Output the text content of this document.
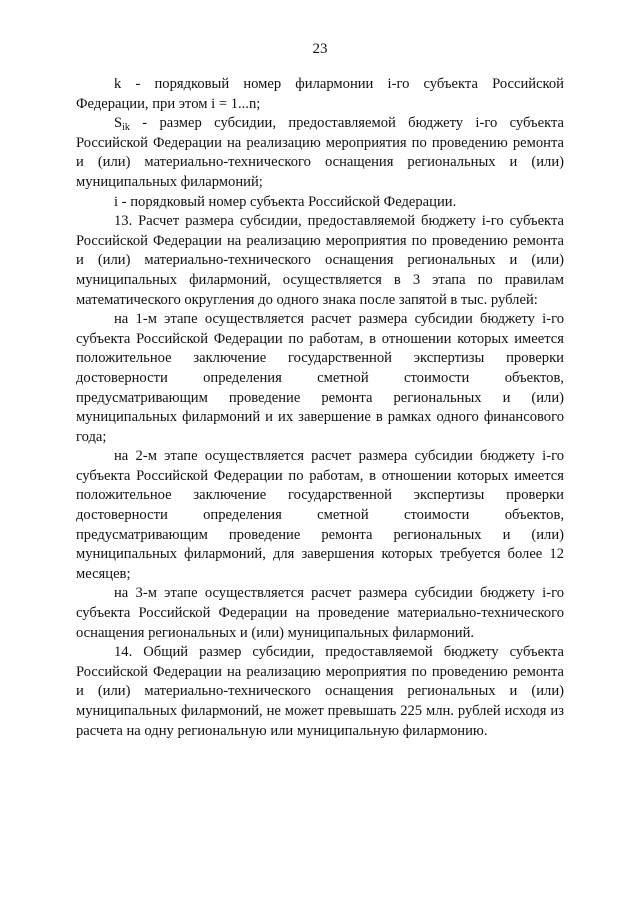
23

k - порядковый номер филармонии i-го субъекта Российской Федерации, при этом i = 1...n;

$S_{ik}$ - размер субсидии, предоставляемой бюджету i-го субъекта Российской Федерации на реализацию мероприятия по проведению ремонта и (или) материально-технического оснащения региональных и (или) муниципальных филармоний;

i - порядковый номер субъекта Российской Федерации.

13. Расчет размера субсидии, предоставляемой бюджету i-го субъекта Российской Федерации на реализацию мероприятия по проведению ремонта и (или) материально-технического оснащения региональных и (или) муниципальных филармоний, осуществляется в 3 этапа по правилам математического округления до одного знака после запятой в тыс. рублей:

на 1-м этапе осуществляется расчет размера субсидии бюджету i-го субъекта Российской Федерации по работам, в отношении которых имеется положительное заключение государственной экспертизы проверки достоверности определения сметной стоимости объектов, предусматривающим проведение ремонта региональных и (или) муниципальных филармоний и их завершение в рамках одного финансового года;

на 2-м этапе осуществляется расчет размера субсидии бюджету i-го субъекта Российской Федерации по работам, в отношении которых имеется положительное заключение государственной экспертизы проверки достоверности определения сметной стоимости объектов, предусматривающим проведение ремонта региональных и (или) муниципальных филармоний, для завершения которых требуется более 12 месяцев;

на 3-м этапе осуществляется расчет размера субсидии бюджету i-го субъекта Российской Федерации на проведение материально-технического оснащения региональных и (или) муниципальных филармоний.

14. Общий размер субсидии, предоставляемой бюджету субъекта Российской Федерации на реализацию мероприятия по проведению ремонта и (или) материально-технического оснащения региональных и (или) муниципальных филармоний, не может превышать 225 млн. рублей исходя из расчета на одну региональную или муниципальную филармонию.
